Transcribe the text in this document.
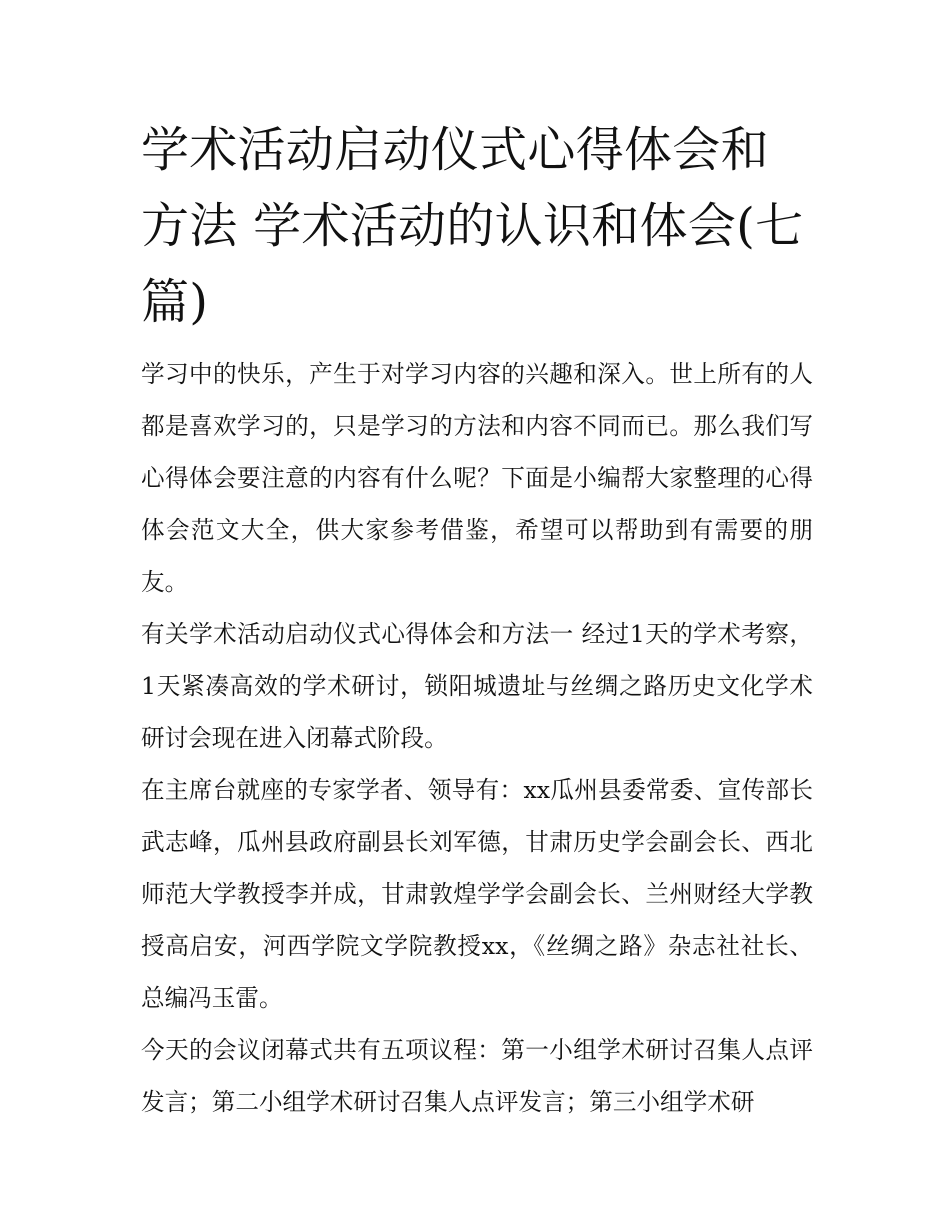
学术活动启动仪式心得体会和方法 学术活动的认识和体会(七篇)

学习中的快乐，产生于对学习内容的兴趣和深入。世上所有的人都是喜欢学习的，只是学习的方法和内容不同而已。那么我们写心得体会要注意的内容有什么呢？下面是小编帮大家整理的心得体会范文大全，供大家参考借鉴，希望可以帮助到有需要的朋友。

有关学术活动启动仪式心得体会和方法一 经过1天的学术考察，1天紧凑高效的学术研讨，锁阳城遗址与丝绸之路历史文化学术研讨会现在进入闭幕式阶段。

在主席台就座的专家学者、领导有：xx瓜州县委常委、宣传部长武志峰，瓜州县政府副县长刘军德，甘肃历史学会副会长、西北师范大学教授李并成，甘肃敦煌学学会副会长、兰州财经大学教授高启安，河西学院文学院教授xx，《丝绸之路》杂志社社长、总编冯玉雷。

今天的会议闭幕式共有五项议程：第一小组学术研讨召集人点评发言；第二小组学术研讨召集人点评发言；第三小组学术研
